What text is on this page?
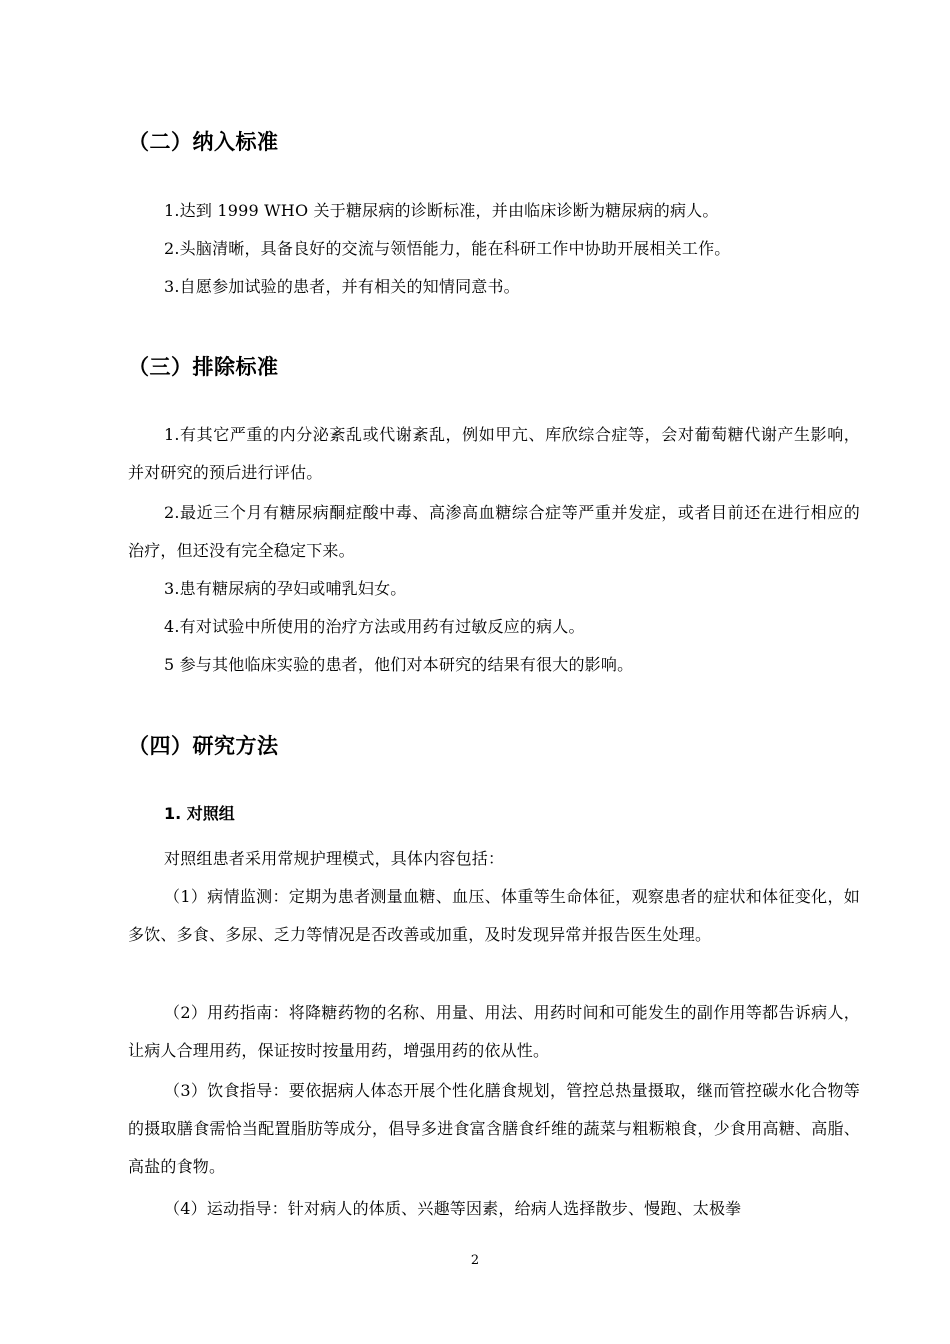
（二）纳入标准

1.达到 1999 WHO 关于糖尿病的诊断标准，并由临床诊断为糖尿病的病人。

2.头脑清晰，具备良好的交流与领悟能力，能在科研工作中协助开展相关工作。

3.自愿参加试验的患者，并有相关的知情同意书。

（三）排除标准

1.有其它严重的内分泌紊乱或代谢紊乱，例如甲亢、库欣综合症等，会对葡萄糖代谢产生影响，并对研究的预后进行评估。

2.最近三个月有糖尿病酮症酸中毒、高渗高血糖综合症等严重并发症，或者目前还在进行相应的治疗，但还没有完全稳定下来。

3.患有糖尿病的孕妇或哺乳妇女。

4.有对试验中所使用的治疗方法或用药有过敏反应的病人。

5 参与其他临床实验的患者，他们对本研究的结果有很大的影响。

（四）研究方法
1. 对照组

对照组患者采用常规护理模式，具体内容包括：

（1）病情监测：定期为患者测量血糖、血压、体重等生命体征，观察患者的症状和体征变化，如多饮、多食、多尿、乏力等情况是否改善或加重，及时发现异常并报告医生处理。

（2）用药指南：将降糖药物的名称、用量、用法、用药时间和可能发生的副作用等都告诉病人，让病人合理用药，保证按时按量用药，增强用药的依从性。

（3）饮食指导：要依据病人体态开展个性化膳食规划，管控总热量摄取，继而管控碳水化合物等的摄取膳食需恰当配置脂肪等成分，倡导多进食富含膳食纤维的蔬菜与粗粝粮食，少食用高糖、高脂、高盐的食物。

（4）运动指导：针对病人的体质、兴趣等因素，给病人选择散步、慢跑、太极拳

2
